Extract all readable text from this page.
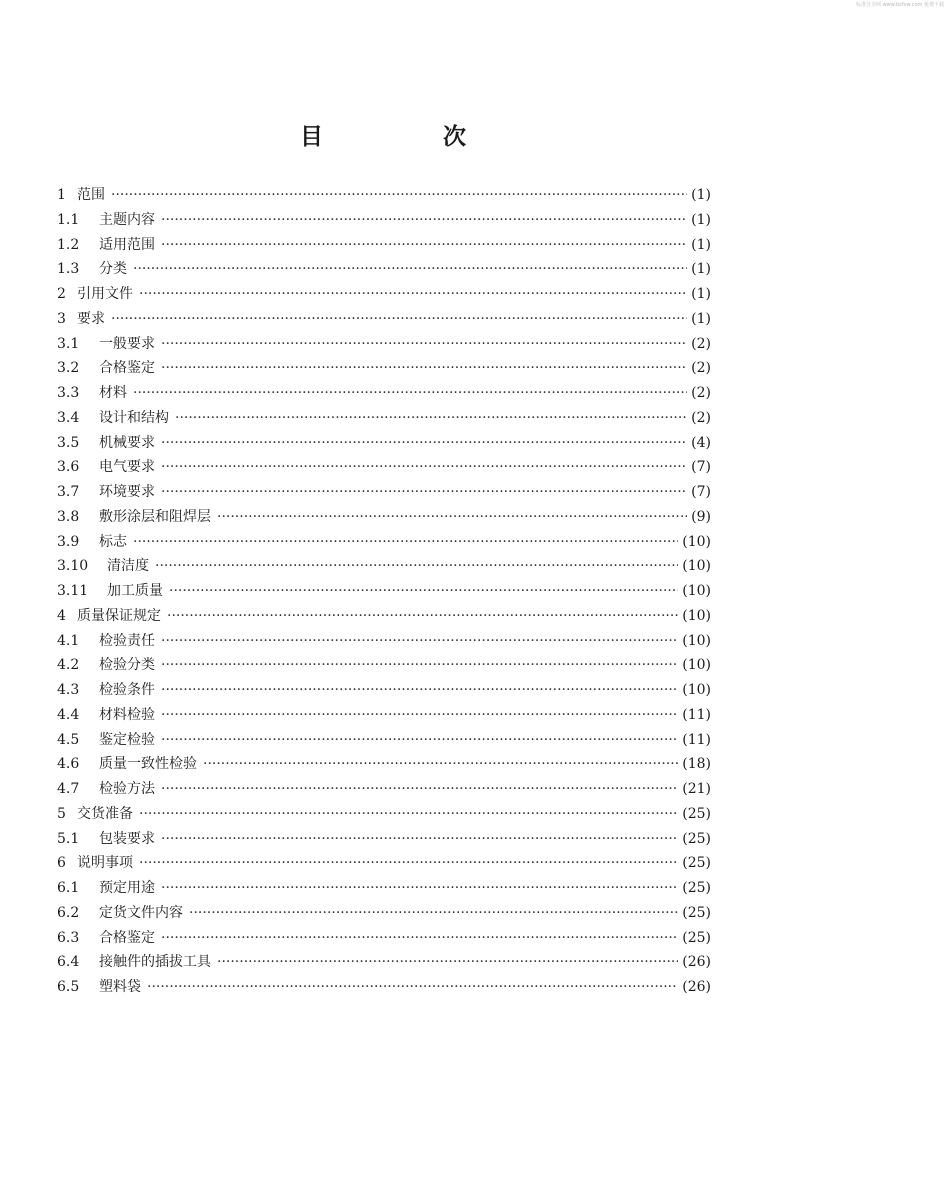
标准分享网 www.bzfxw.com 免费下载
目	次
1 范围 ·····	(1)
1.1	主题内容 ·····	(1)
1.2	适用范围 ·····	(1)
1.3	分类 ·····	(1)
2 引用文件 ·····	(1)
3 要求 ·····	(1)
3.1	一般要求 ·····	(2)
3.2	合格鉴定 ·····	(2)
3.3	材料 ·····	(2)
3.4	设计和结构 ·····	(2)
3.5	机械要求 ·····	(4)
3.6	电气要求 ·····	(7)
3.7	环境要求 ·····	(7)
3.8	敷形涂层和阻焊层 ·····	(9)
3.9	标志 ·····	(10)
3.10	清洁度 ·····	(10)
3.11	加工质量 ·····	(10)
4 质量保证规定 ·····	(10)
4.1	检验责任 ·····	(10)
4.2	检验分类 ·····	(10)
4.3	检验条件 ·····	(10)
4.4	材料检验 ·····	(11)
4.5	鉴定检验 ·····	(11)
4.6	质量一致性检验 ·····	(18)
4.7	检验方法 ·····	(21)
5 交货准备 ·····	(25)
5.1	包装要求 ·····	(25)
6 说明事项 ·····	(25)
6.1	预定用途 ·····	(25)
6.2	定货文件内容 ·····	(25)
6.3	合格鉴定 ·····	(25)
6.4	接触件的插拔工具 ·····	(26)
6.5	塑料袋 ·····	(26)
